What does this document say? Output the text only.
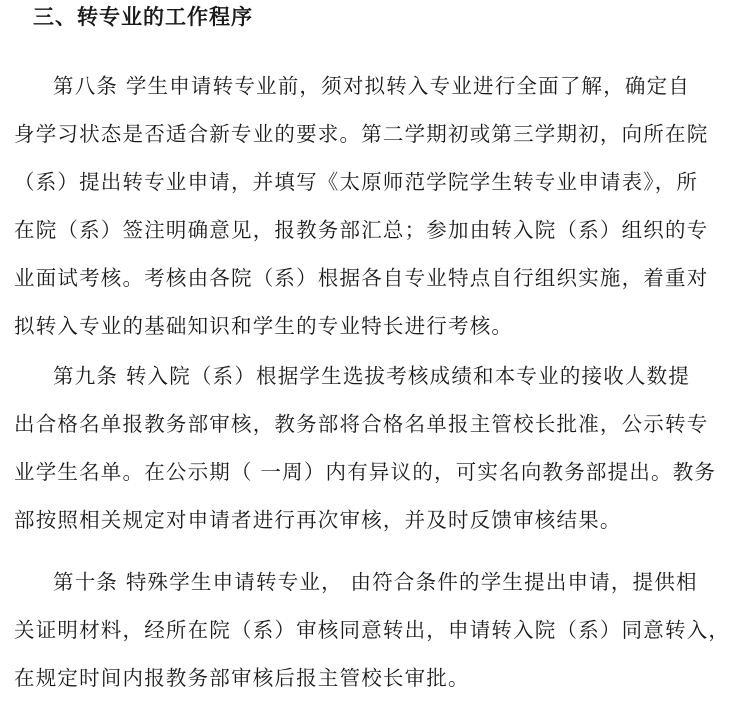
三、转专业的工作程序
第八条 学生申请转专业前，须对拟转入专业进行全面了解，确定自
身学习状态是否适合新专业的要求。第二学期初或第三学期初，向所在院
（系）提出转专业申请，并填写《太原师范学院学生转专业申请表》，所
在院（系）签注明确意见，报教务部汇总；参加由转入院（系）组织的专
业面试考核。考核由各院（系）根据各自专业特点自行组织实施，着重对
拟转入专业的基础知识和学生的专业特长进行考核。
第九条 转入院（系）根据学生选拔考核成绩和本专业的接收人数提
出合格名单报教务部审核，教务部将合格名单报主管校长批准，公示转专
业学生名单。在公示期（ 一周）内有异议的，可实名向教务部提出。教务
部按照相关规定对申请者进行再次审核，并及时反馈审核结果。
第十条 特殊学生申请转专业， 由符合条件的学生提出申请，提供相
关证明材料，经所在院（系）审核同意转出，申请转入院（系）同意转入，
在规定时间内报教务部审核后报主管校长审批。
